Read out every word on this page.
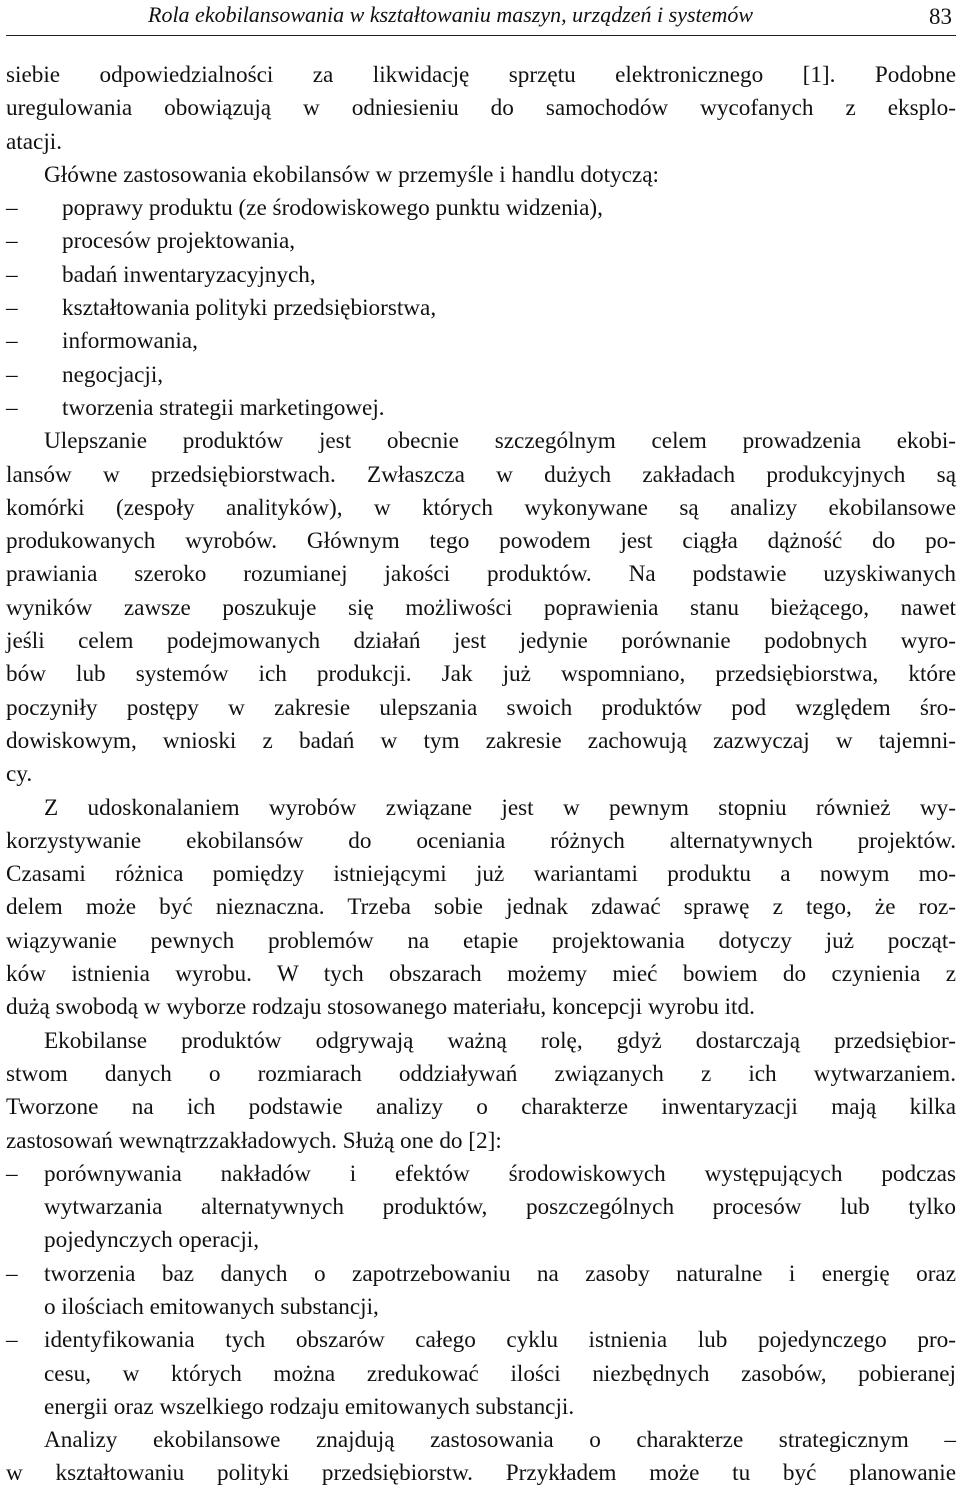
Rola ekobilansowania w kształtowaniu maszyn, urządzeń i systemów	83

siebie odpowiedzialności za likwidację sprzętu elektronicznego [1]. Podobne
uregulowania obowiązują w odniesieniu do samochodów wycofanych z eksplo-
atacji.

Główne zastosowania ekobilansów w przemyśle i handlu dotyczą:

–	poprawy produktu (ze środowiskowego punktu widzenia),
–	procesów projektowania,
–	badań inwentaryzacyjnych,
–	kształtowania polityki przedsiębiorstwa,
–	informowania,
–	negocjacji,
–	tworzenia strategii marketingowej.

Ulepszanie produktów jest obecnie szczególnym celem prowadzenia ekobi-
lansów w przedsiębiorstwach. Zwłaszcza w dużych zakładach produkcyjnych są
komórki (zespoły analityków), w których wykonywane są analizy ekobilansowe
produkowanych wyrobów. Głównym tego powodem jest ciągła dążność do po-
prawiania szeroko rozumianej jakości produktów. Na podstawie uzyskiwanych
wyników zawsze poszukuje się możliwości poprawienia stanu bieżącego, nawet
jeśli celem podejmowanych działań jest jedynie porównanie podobnych wyro-
bów lub systemów ich produkcji. Jak już wspomniano, przedsiębiorstwa, które
poczyniły postępy w zakresie ulepszania swoich produktów pod względem śro-
dowiskowym, wnioski z badań w tym zakresie zachowują zazwyczaj w tajemni-
cy.

Z udoskonalaniem wyrobów związane jest w pewnym stopniu również wy-
korzystywanie ekobilansów do oceniania różnych alternatywnych projektów.
Czasami różnica pomiędzy istniejącymi już wariantami produktu a nowym mo-
delem może być nieznaczna. Trzeba sobie jednak zdawać sprawę z tego, że roz-
wiązywanie pewnych problemów na etapie projektowania dotyczy już począt-
ków istnienia wyrobu. W tych obszarach możemy mieć bowiem do czynienia z
dużą swobodą w wyborze rodzaju stosowanego materiału, koncepcji wyrobu itd.

Ekobilanse produktów odgrywają ważną rolę, gdyż dostarczają przedsiębior-
stwom danych o rozmiarach oddziaływań związanych z ich wytwarzaniem.
Tworzone na ich podstawie analizy o charakterze inwentaryzacji mają kilka
zastosowań wewnątrzzakładowych. Służą one do [2]:

–	porównywania nakładów i efektów środowiskowych występujących podczas
wytwarzania alternatywnych produktów, poszczególnych procesów lub tylko
pojedynczych operacji,
–	tworzenia baz danych o zapotrzebowaniu na zasoby naturalne i energię oraz
o ilościach emitowanych substancji,
–	identyfikowania tych obszarów całego cyklu istnienia lub pojedynczego pro-
cesu, w których można zredukować ilości niezbędnych zasobów, pobieranej
energii oraz wszelkiego rodzaju emitowanych substancji.

Analizy ekobilansowe znajdują zastosowania o charakterze strategicznym –
w kształtowaniu polityki przedsiębiorstw. Przykładem może tu być planowanie
